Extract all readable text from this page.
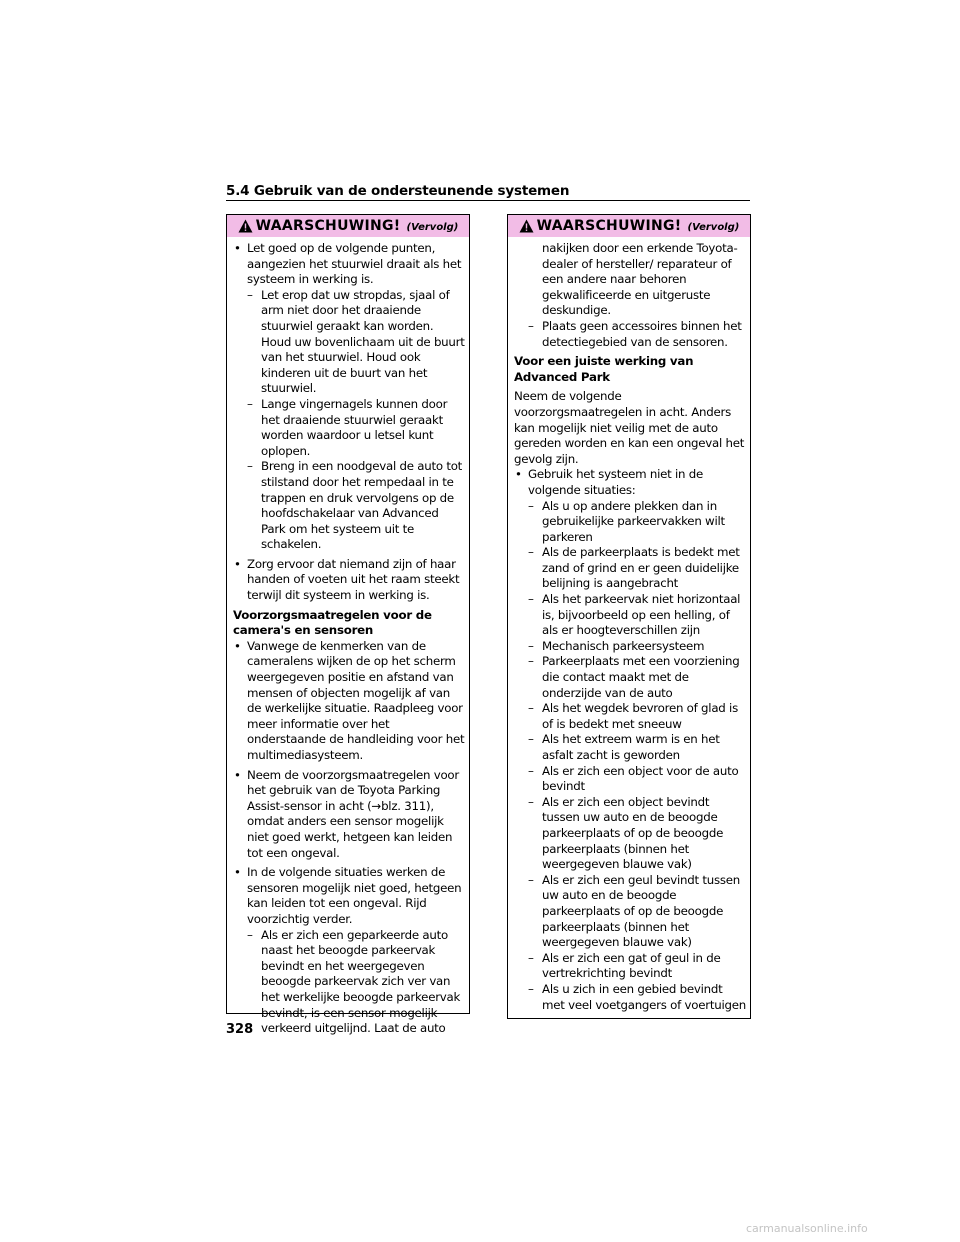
5.4 Gebruik van de ondersteunende systemen
WAARSCHUWING! (Vervolg)
• Let goed op de volgende punten, aangezien het stuurwiel draait als het systeem in werking is.
– Let erop dat uw stropdas, sjaal of arm niet door het draaiende stuurwiel geraakt kan worden. Houd uw bovenlichaam uit de buurt van het stuurwiel. Houd ook kinderen uit de buurt van het stuurwiel.
– Lange vingernagels kunnen door het draaiende stuurwiel geraakt worden waardoor u letsel kunt oplopen.
– Breng in een noodgeval de auto tot stilstand door het rempedaal in te trappen en druk vervolgens op de hoofdschakelaar van Advanced Park om het systeem uit te schakelen.
• Zorg ervoor dat niemand zijn of haar handen of voeten uit het raam steekt terwijl dit systeem in werking is.
Voorzorgsmaatregelen voor de camera's en sensoren
• Vanwege de kenmerken van de cameralens wijken de op het scherm weergegeven positie en afstand van mensen of objecten mogelijk af van de werkelijke situatie. Raadpleeg voor meer informatie over het onderstaande de handleiding voor het multimediasysteem.
• Neem de voorzorgsmaatregelen voor het gebruik van de Toyota Parking Assist-sensor in acht (→blz. 311), omdat anders een sensor mogelijk niet goed werkt, hetgeen kan leiden tot een ongeval.
• In de volgende situaties werken de sensoren mogelijk niet goed, hetgeen kan leiden tot een ongeval. Rijd voorzichtig verder.
– Als er zich een geparkeerde auto naast het beoogde parkeervak bevindt en het weergegeven beoogde parkeervak zich ver van het werkelijke beoogde parkeervak bevindt, is een sensor mogelijk verkeerd uitgelijnd. Laat de auto
WAARSCHUWING! (Vervolg)
nakijken door een erkende Toyota-dealer of hersteller/ reparateur of een andere naar behoren gekwalificeerde en uitgeruste deskundige.
– Plaats geen accessoires binnen het detectiegebied van de sensoren.
Voor een juiste werking van Advanced Park
Neem de volgende voorzorgsmaatregelen in acht. Anders kan mogelijk niet veilig met de auto gereden worden en kan een ongeval het gevolg zijn.
• Gebruik het systeem niet in de volgende situaties:
– Als u op andere plekken dan in gebruikelijke parkeervakken wilt parkeren
– Als de parkeerplaats is bedekt met zand of grind en er geen duidelijke belijning is aangebracht
– Als het parkeervak niet horizontaal is, bijvoorbeeld op een helling, of als er hoogteverschillen zijn
– Mechanisch parkeersysteem
– Parkeerplaats met een voorziening die contact maakt met de onderzijde van de auto
– Als het wegdek bevroren of glad is of is bedekt met sneeuw
– Als het extreem warm is en het asfalt zacht is geworden
– Als er zich een object voor de auto bevindt
– Als er zich een object bevindt tussen uw auto en de beoogde parkeerplaats of op de beoogde parkeerplaats (binnen het weergegeven blauwe vak)
– Als er zich een geul bevindt tussen uw auto en de beoogde parkeerplaats of op de beoogde parkeerplaats (binnen het weergegeven blauwe vak)
– Als er zich een gat of geul in de vertrekrichting bevindt
– Als u zich in een gebied bevindt met veel voetgangers of voertuigen
328
carmanualsonline.info
